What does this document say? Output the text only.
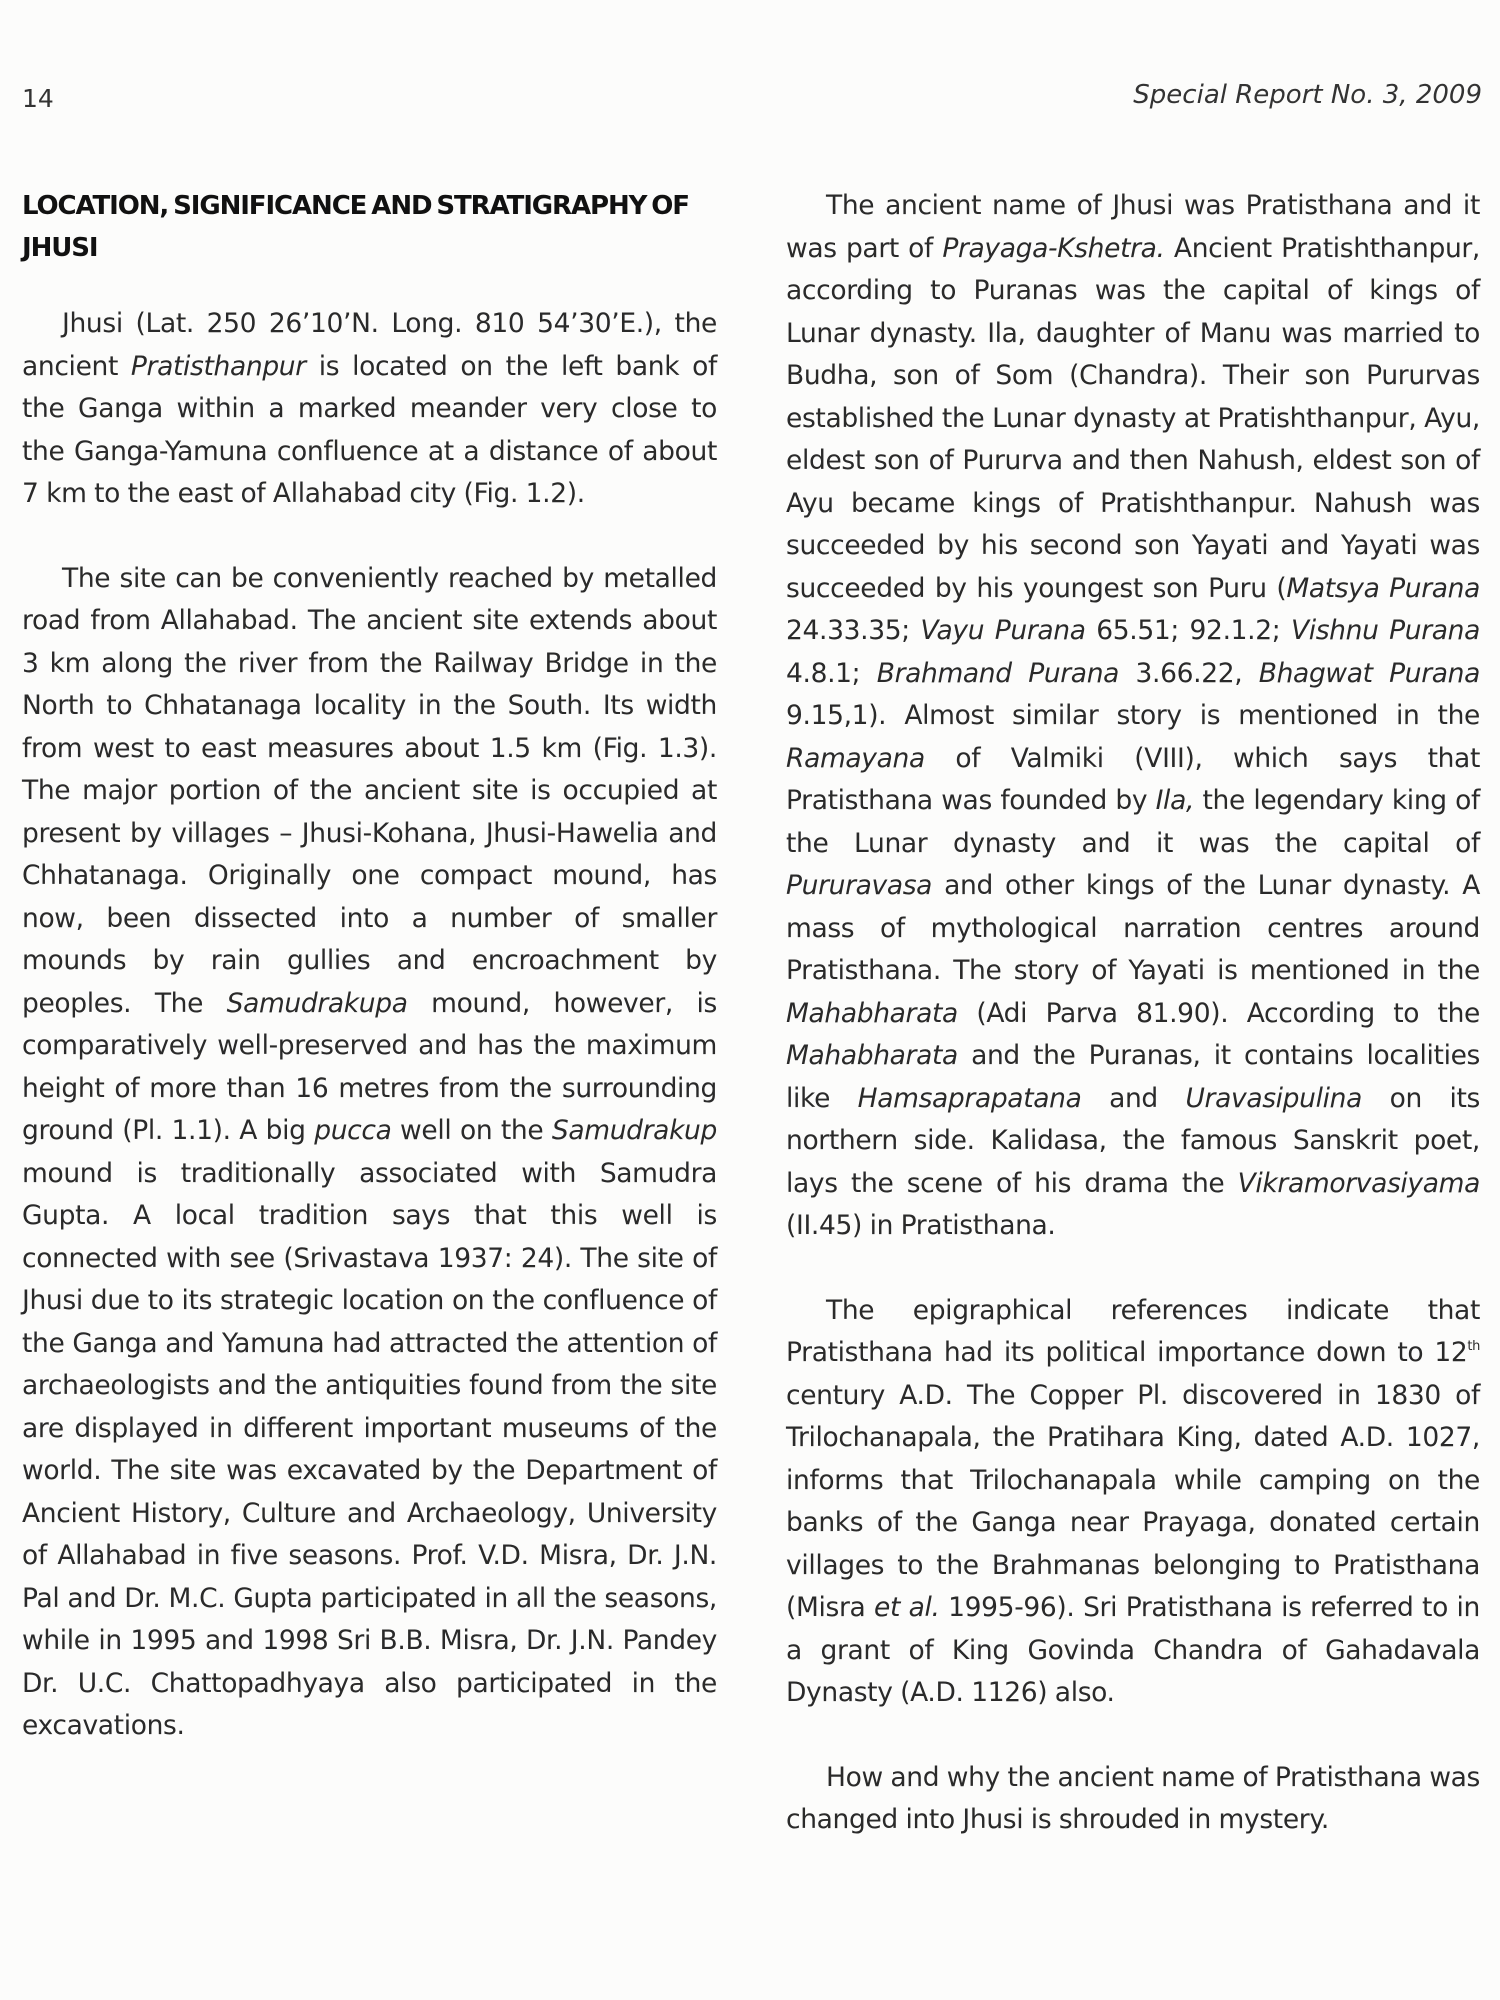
14	Special Report No. 3, 2009
LOCATION, SIGNIFICANCE AND STRATIGRAPHY OF JHUSI

Jhusi (Lat. 250 26’10’N. Long. 810 54’30’E.), the ancient Pratisthanpur is located on the left bank of the Ganga within a marked meander very close to the Ganga-Yamuna confluence at a distance of about 7 km to the east of Allahabad city (Fig. 1.2).

The site can be conveniently reached by metalled road from Allahabad. The ancient site extends about 3 km along the river from the Railway Bridge in the North to Chhatanaga locality in the South. Its width from west to east measures about 1.5 km (Fig. 1.3). The major portion of the ancient site is occupied at present by villages – Jhusi-Kohana, Jhusi-Hawelia and Chhatanaga. Originally one compact mound, has now, been dissected into a number of smaller mounds by rain gullies and encroachment by peoples. The Samudrakupa mound, however, is comparatively well-preserved and has the maximum height of more than 16 metres from the surrounding ground (Pl. 1.1). A big pucca well on the Samudrakup mound is traditionally associated with Samudra Gupta. A local tradition says that this well is connected with see (Srivastava 1937: 24). The site of Jhusi due to its strategic location on the confluence of the Ganga and Yamuna had attracted the attention of archaeologists and the antiquities found from the site are displayed in different important museums of the world. The site was excavated by the Department of Ancient History, Culture and Archaeology, University of Allahabad in five seasons. Prof. V.D. Misra, Dr. J.N. Pal and Dr. M.C. Gupta participated in all the seasons, while in 1995 and 1998 Sri B.B. Misra, Dr. J.N. Pandey Dr. U.C. Chattopadhyaya also participated in the excavations.

The ancient name of Jhusi was Pratisthana and it was part of Prayaga-Kshetra. Ancient Pratishthanpur, according to Puranas was the capital of kings of Lunar dynasty. Ila, daughter of Manu was married to Budha, son of Som (Chandra). Their son Pururvas established the Lunar dynasty at Pratishthanpur, Ayu, eldest son of Pururva and then Nahush, eldest son of Ayu became kings of Pratishthanpur. Nahush was succeeded by his second son Yayati and Yayati was succeeded by his youngest son Puru (Matsya Purana 24.33.35; Vayu Purana 65.51; 92.1.2; Vishnu Purana 4.8.1; Brahmand Purana 3.66.22, Bhagwat Purana 9.15,1). Almost similar story is mentioned in the Ramayana of Valmiki (VIII), which says that Pratisthana was founded by Ila, the legendary king of the Lunar dynasty and it was the capital of Pururavasa and other kings of the Lunar dynasty. A mass of mythological narration centres around Pratisthana. The story of Yayati is mentioned in the Mahabharata (Adi Parva 81.90). According to the Mahabharata and the Puranas, it contains localities like Hamsaprapatana and Uravasipulina on its northern side. Kalidasa, the famous Sanskrit poet, lays the scene of his drama the Vikramorvasiyama (II.45) in Pratisthana.

The epigraphical references indicate that Pratisthana had its political importance down to 12th century A.D. The Copper Pl. discovered in 1830 of Trilochanapala, the Pratihara King, dated A.D. 1027, informs that Trilochanapala while camping on the banks of the Ganga near Prayaga, donated certain villages to the Brahmanas belonging to Pratisthana (Misra et al. 1995-96). Sri Pratisthana is referred to in a grant of King Govinda Chandra of Gahadavala Dynasty (A.D. 1126) also.

How and why the ancient name of Pratisthana was changed into Jhusi is shrouded in mystery.
